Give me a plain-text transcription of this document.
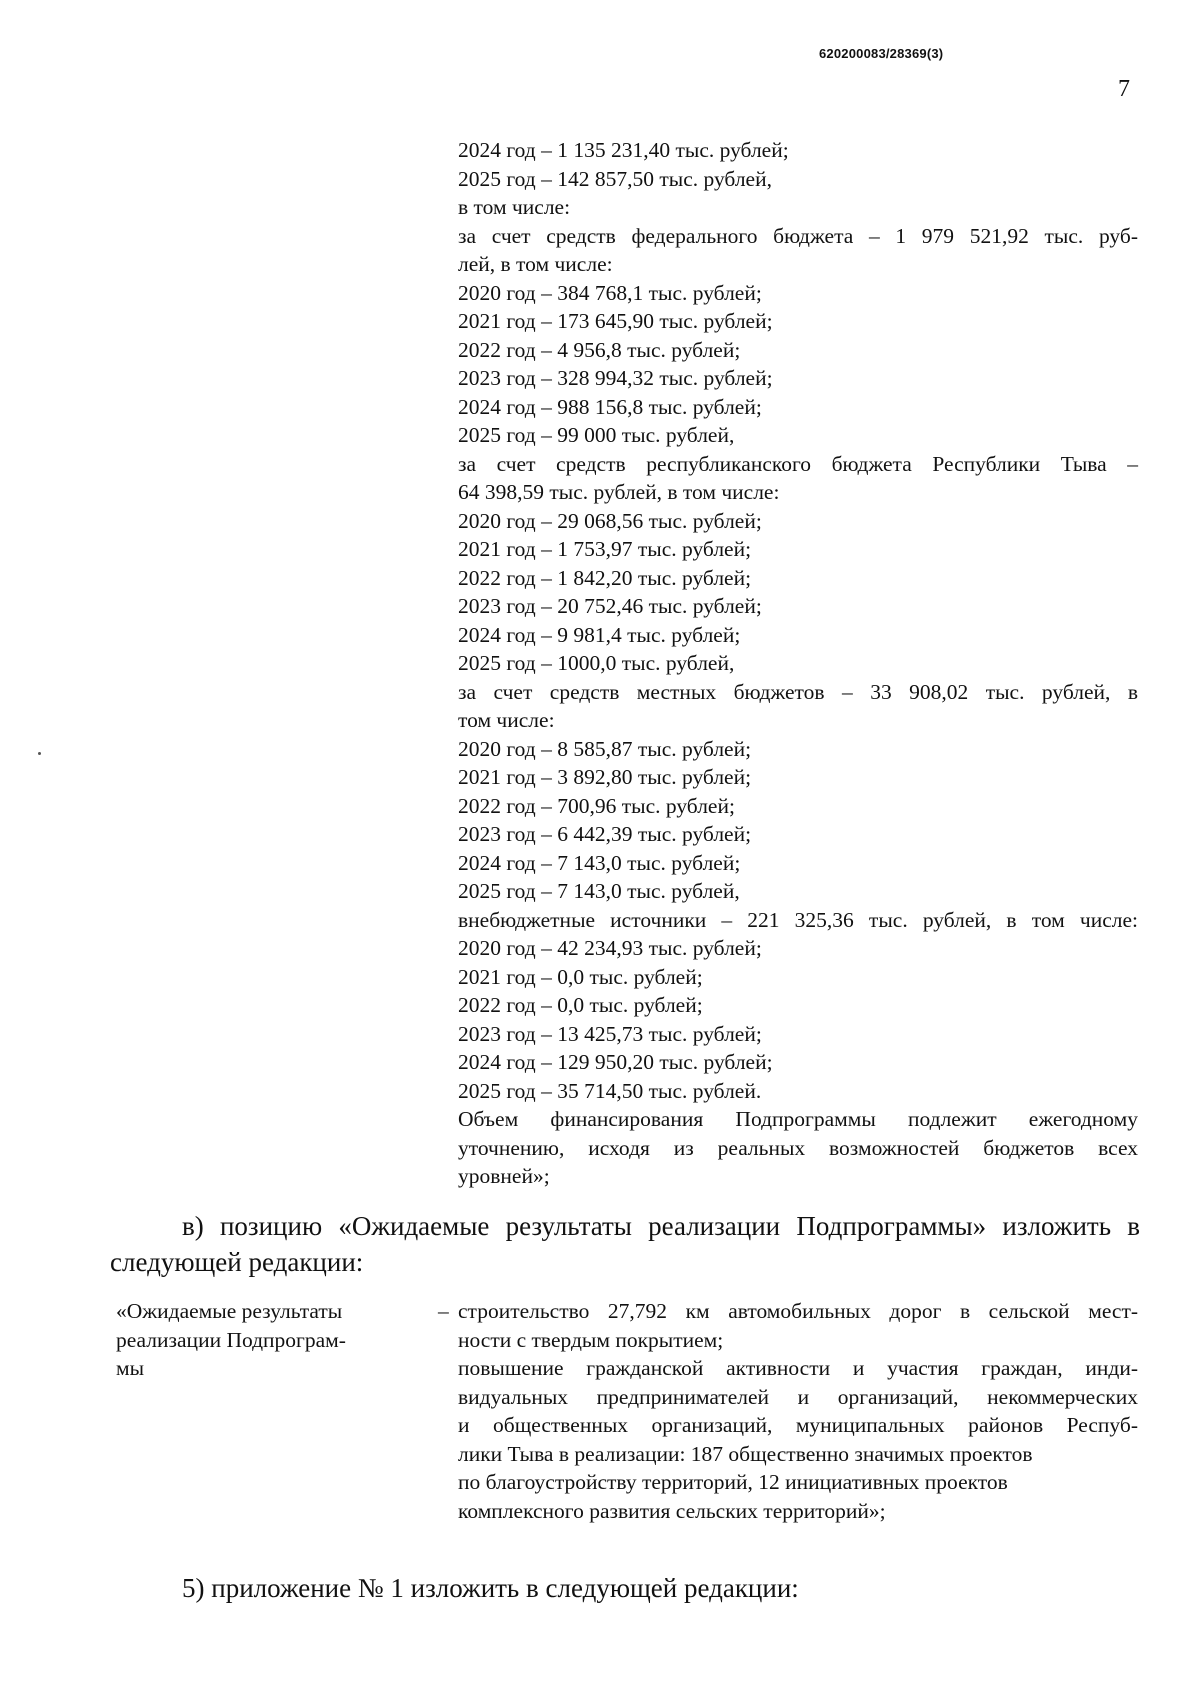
620200083/28369(3)
7
2024 год – 1 135 231,40 тыс. рублей;
2025 год – 142 857,50 тыс. рублей,
в том числе:
за счет средств федерального бюджета – 1 979 521,92 тыс. руб-
лей, в том числе:
2020 год – 384 768,1 тыс. рублей;
2021 год – 173 645,90 тыс. рублей;
2022 год – 4 956,8 тыс. рублей;
2023 год – 328 994,32 тыс. рублей;
2024 год – 988 156,8 тыс. рублей;
2025 год – 99 000 тыс. рублей,
за счет средств республиканского бюджета Республики Тыва –
64 398,59 тыс. рублей, в том числе:
2020 год – 29 068,56 тыс. рублей;
2021 год – 1 753,97 тыс. рублей;
2022 год – 1 842,20 тыс. рублей;
2023 год – 20 752,46 тыс. рублей;
2024 год – 9 981,4 тыс. рублей;
2025 год – 1000,0 тыс. рублей,
за счет средств местных бюджетов – 33 908,02 тыс. рублей, в
том числе:
2020 год – 8 585,87 тыс. рублей;
2021 год – 3 892,80 тыс. рублей;
2022 год – 700,96 тыс. рублей;
2023 год – 6 442,39 тыс. рублей;
2024 год – 7 143,0 тыс. рублей;
2025 год – 7 143,0 тыс. рублей,
внебюджетные источники – 221 325,36 тыс. рублей, в том числе:
2020 год – 42 234,93 тыс. рублей;
2021 год – 0,0 тыс. рублей;
2022 год – 0,0 тыс. рублей;
2023 год – 13 425,73 тыс. рублей;
2024 год – 129 950,20 тыс. рублей;
2025 год – 35 714,50 тыс. рублей.
Объем финансирования Подпрограммы подлежит ежегодному
уточнению, исходя из реальных возможностей бюджетов всех
уровней»;
в) позицию «Ожидаемые результаты реализации Подпрограммы» изложить в
следующей редакции:
«Ожидаемые результаты
реализации Подпрограм-
мы
– строительство 27,792 км автомобильных дорог в сельской мест-
ности с твердым покрытием;
повышение гражданской активности и участия граждан, инди-
видуальных предпринимателей и организаций, некоммерческих
и общественных организаций, муниципальных районов Респуб-
лики Тыва в реализации: 187 общественно значимых проектов
по благоустройству территорий, 12 инициативных проектов
комплексного развития сельских территорий»;
5) приложение № 1 изложить в следующей редакции:
